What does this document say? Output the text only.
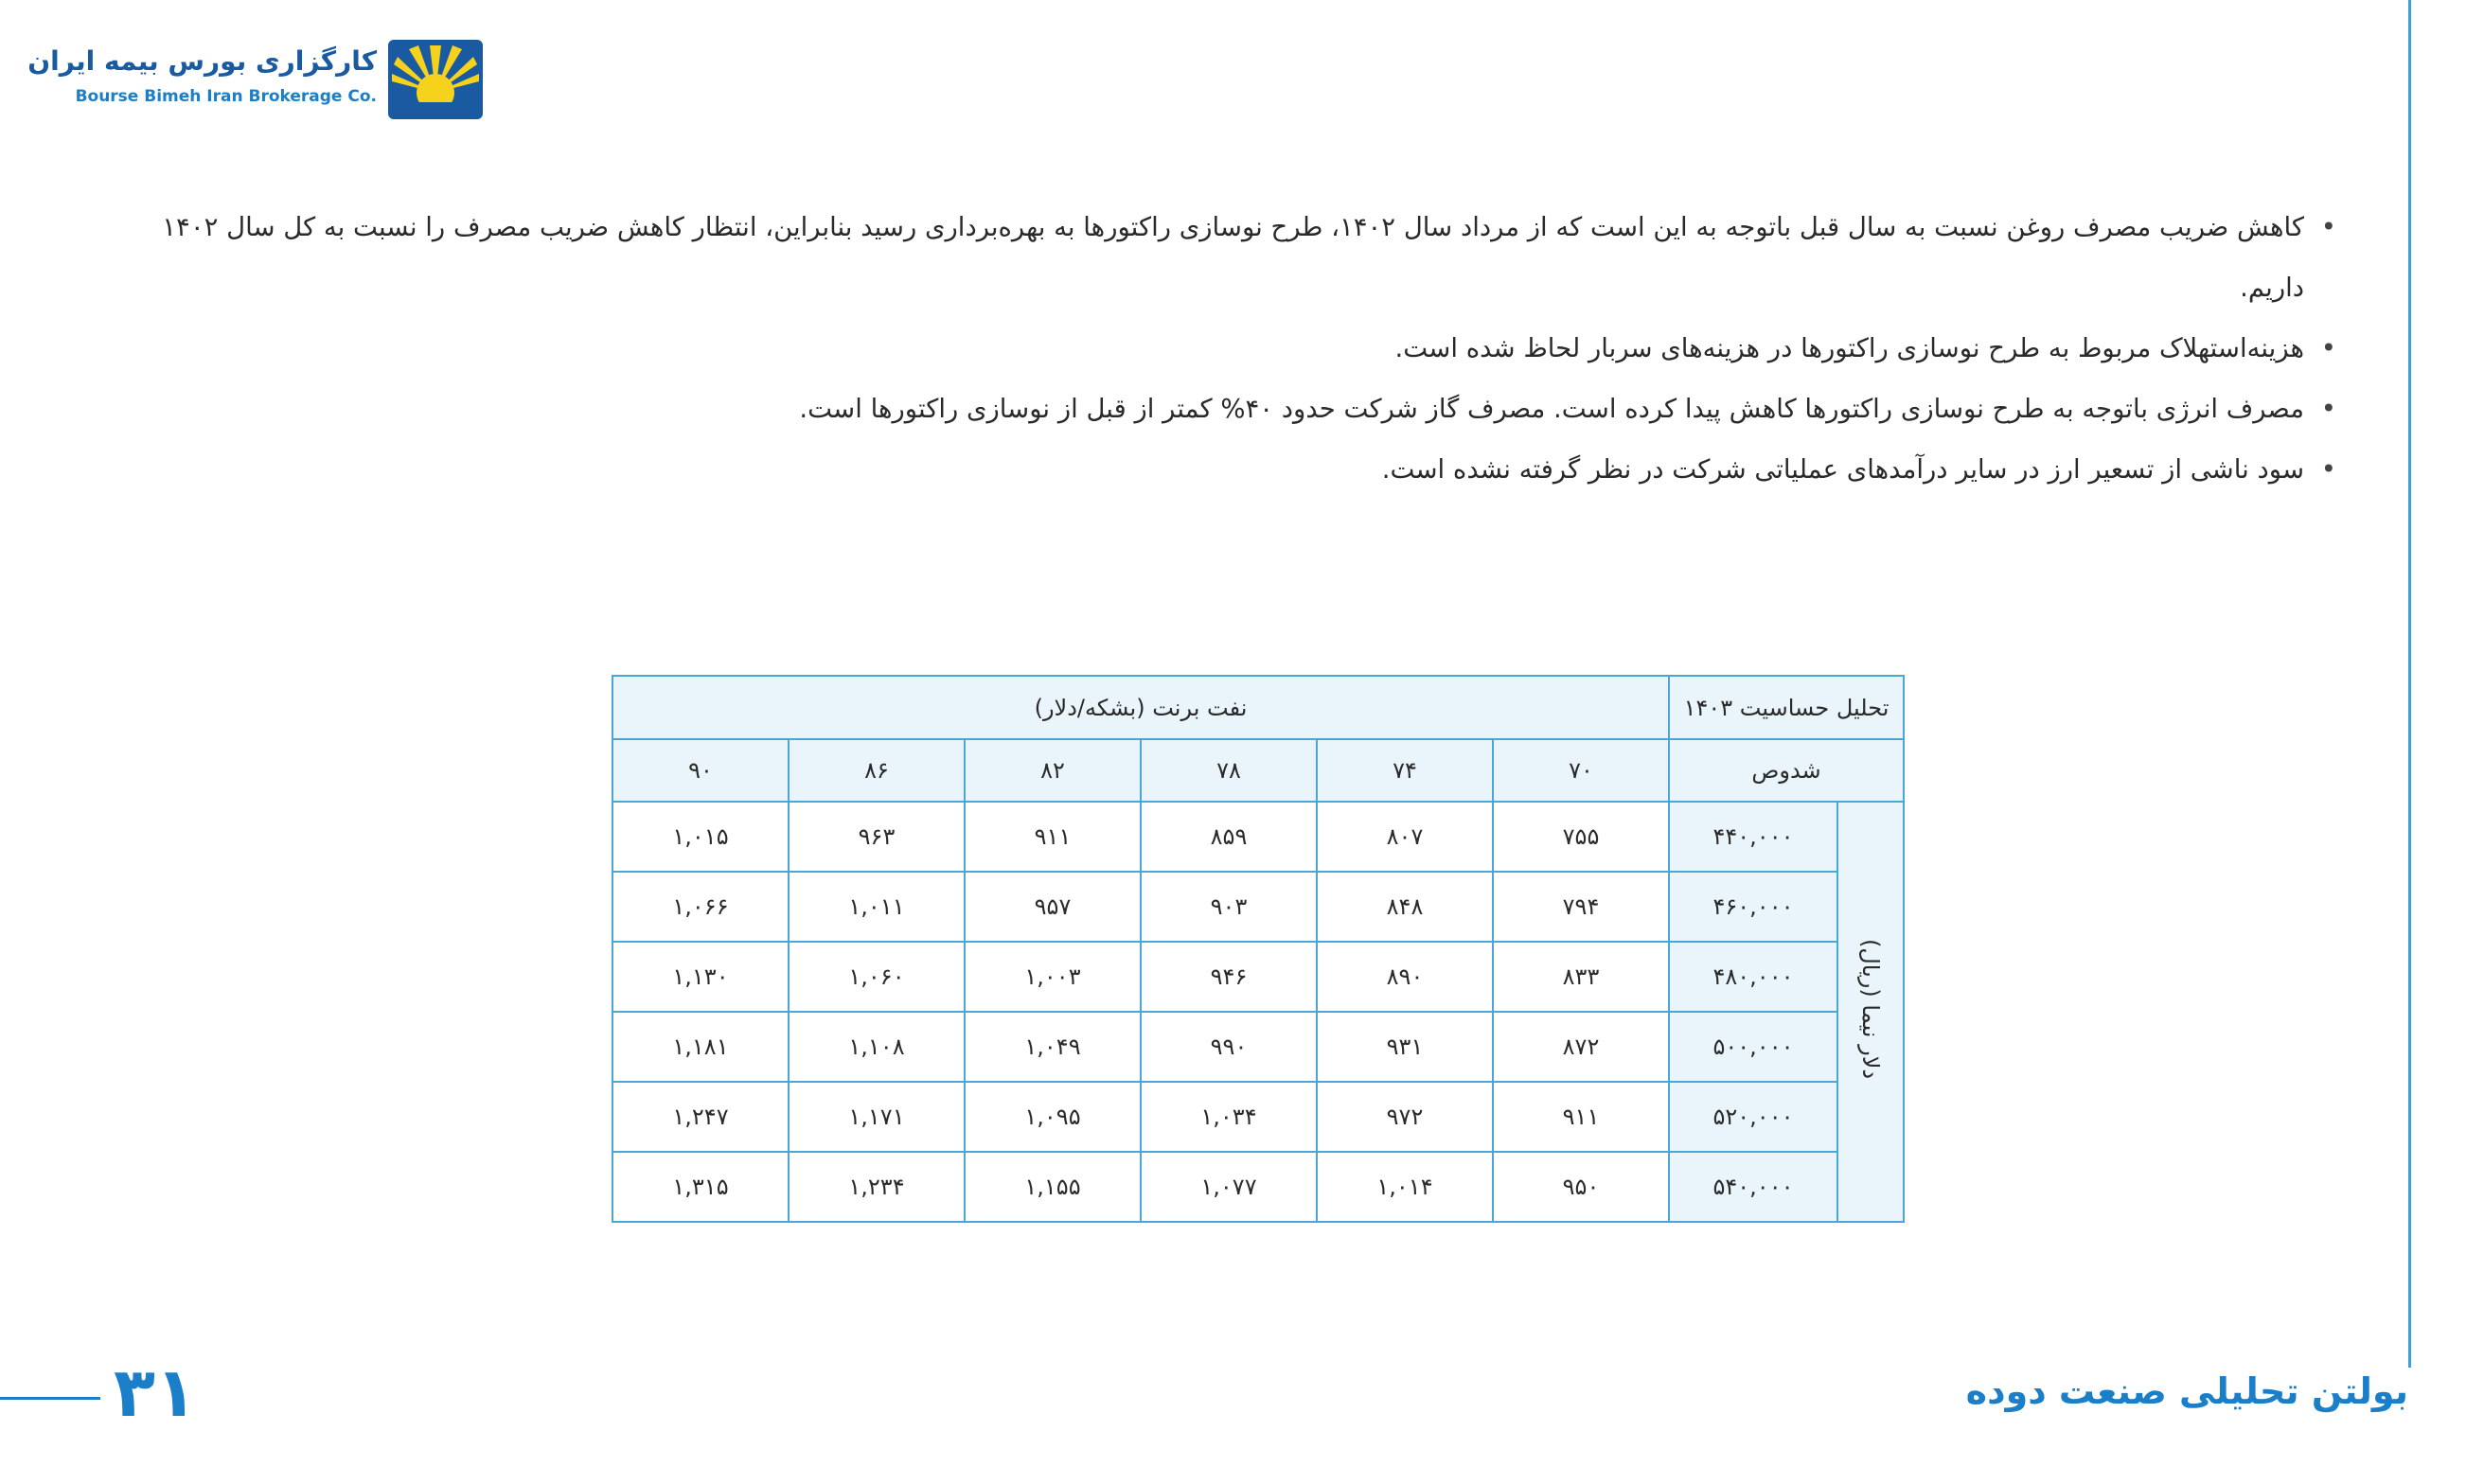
کارگزاری بورس بیمه ایران
Bourse Bimeh Iran Brokerage Co.
• کاهش ضریب مصرف روغن نسبت به سال قبل باتوجه به این است که از مرداد سال ۱۴۰۲، طرح نوسازی راکتورها به بهره‌برداری رسید بنابراین، انتظار کاهش ضریب مصرف را نسبت به کل سال ۱۴۰۲ داریم.
• هزینه‌استهلاک مربوط به طرح نوسازی راکتورها در هزینه‌های سربار لحاظ شده است.
• مصرف انرژی باتوجه به طرح نوسازی راکتورها کاهش پیدا کرده است. مصرف گاز شرکت حدود ۴۰% کمتر از قبل از نوسازی راکتورها است.
• سود ناشی از تسعیر ارز در سایر درآمدهای عملیاتی شرکت در نظر گرفته نشده است.
تحلیل حساسیت ۱۴۰۳		نفت برنت (بشکه/دلار)					
شدوص		۷۰	۷۴	۷۸	۸۲	۸۶	۹۰
دلار نیما (ریال)	۴۴۰,۰۰۰	۷۵۵	۸۰۷	۸۵۹	۹۱۱	۹۶۳	۱,۰۱۵
	۴۶۰,۰۰۰	۷۹۴	۸۴۸	۹۰۳	۹۵۷	۱,۰۱۱	۱,۰۶۶
	۴۸۰,۰۰۰	۸۳۳	۸۹۰	۹۴۶	۱,۰۰۳	۱,۰۶۰	۱,۱۳۰
	۵۰۰,۰۰۰	۸۷۲	۹۳۱	۹۹۰	۱,۰۴۹	۱,۱۰۸	۱,۱۸۱
	۵۲۰,۰۰۰	۹۱۱	۹۷۲	۱,۰۳۴	۱,۰۹۵	۱,۱۷۱	۱,۲۴۷
	۵۴۰,۰۰۰	۹۵۰	۱,۰۱۴	۱,۰۷۷	۱,۱۵۵	۱,۲۳۴	۱,۳۱۵
۳۱	بولتن تحلیلی صنعت دوده
